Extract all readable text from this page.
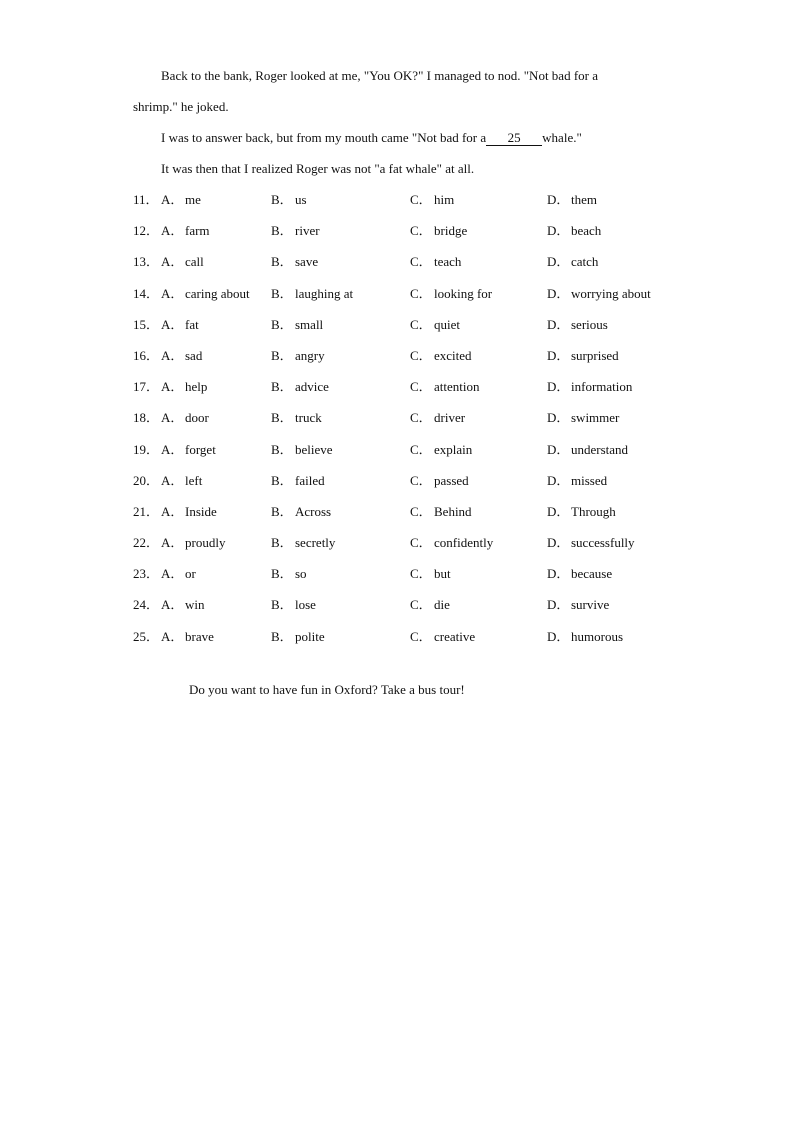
Back to the bank, Roger looked at me, "You OK?" I managed to nod. "Not bad for a
shrimp." he joked.
I was to answer back, but from my mouth came "Not bad for a 25 whale."
It was then that I realized Roger was not "a fat whale" at all.
11． A． me	B． us	C． him	D． them
12． A． farm	B． river	C． bridge	D． beach
13． A． call	B． save	C． teach	D． catch
14． A． caring about B． laughing at	C． looking for	D． worrying about
15． A． fat	B． small	C． quiet	D． serious
16． A． sad	B． angry	C． excited	D． surprised
17． A． help	B． advice	C． attention	D． information
18． A． door	B． truck	C． driver	D． swimmer
19． A． forget	B． believe	C． explain	D． understand
20． A． left	B． failed	C． passed	D． missed
21． A． Inside	B． Across	C． Behind	D． Through
22． A． proudly	B． secretly	C． confidently	D． successfully
23． A． or	B． so	C． but	D． because
24． A． win	B． lose	C． die	D． survive
25． A． brave	B． polite	C． creative	D． humorous
Do you want to have fun in Oxford? Take a bus tour!
